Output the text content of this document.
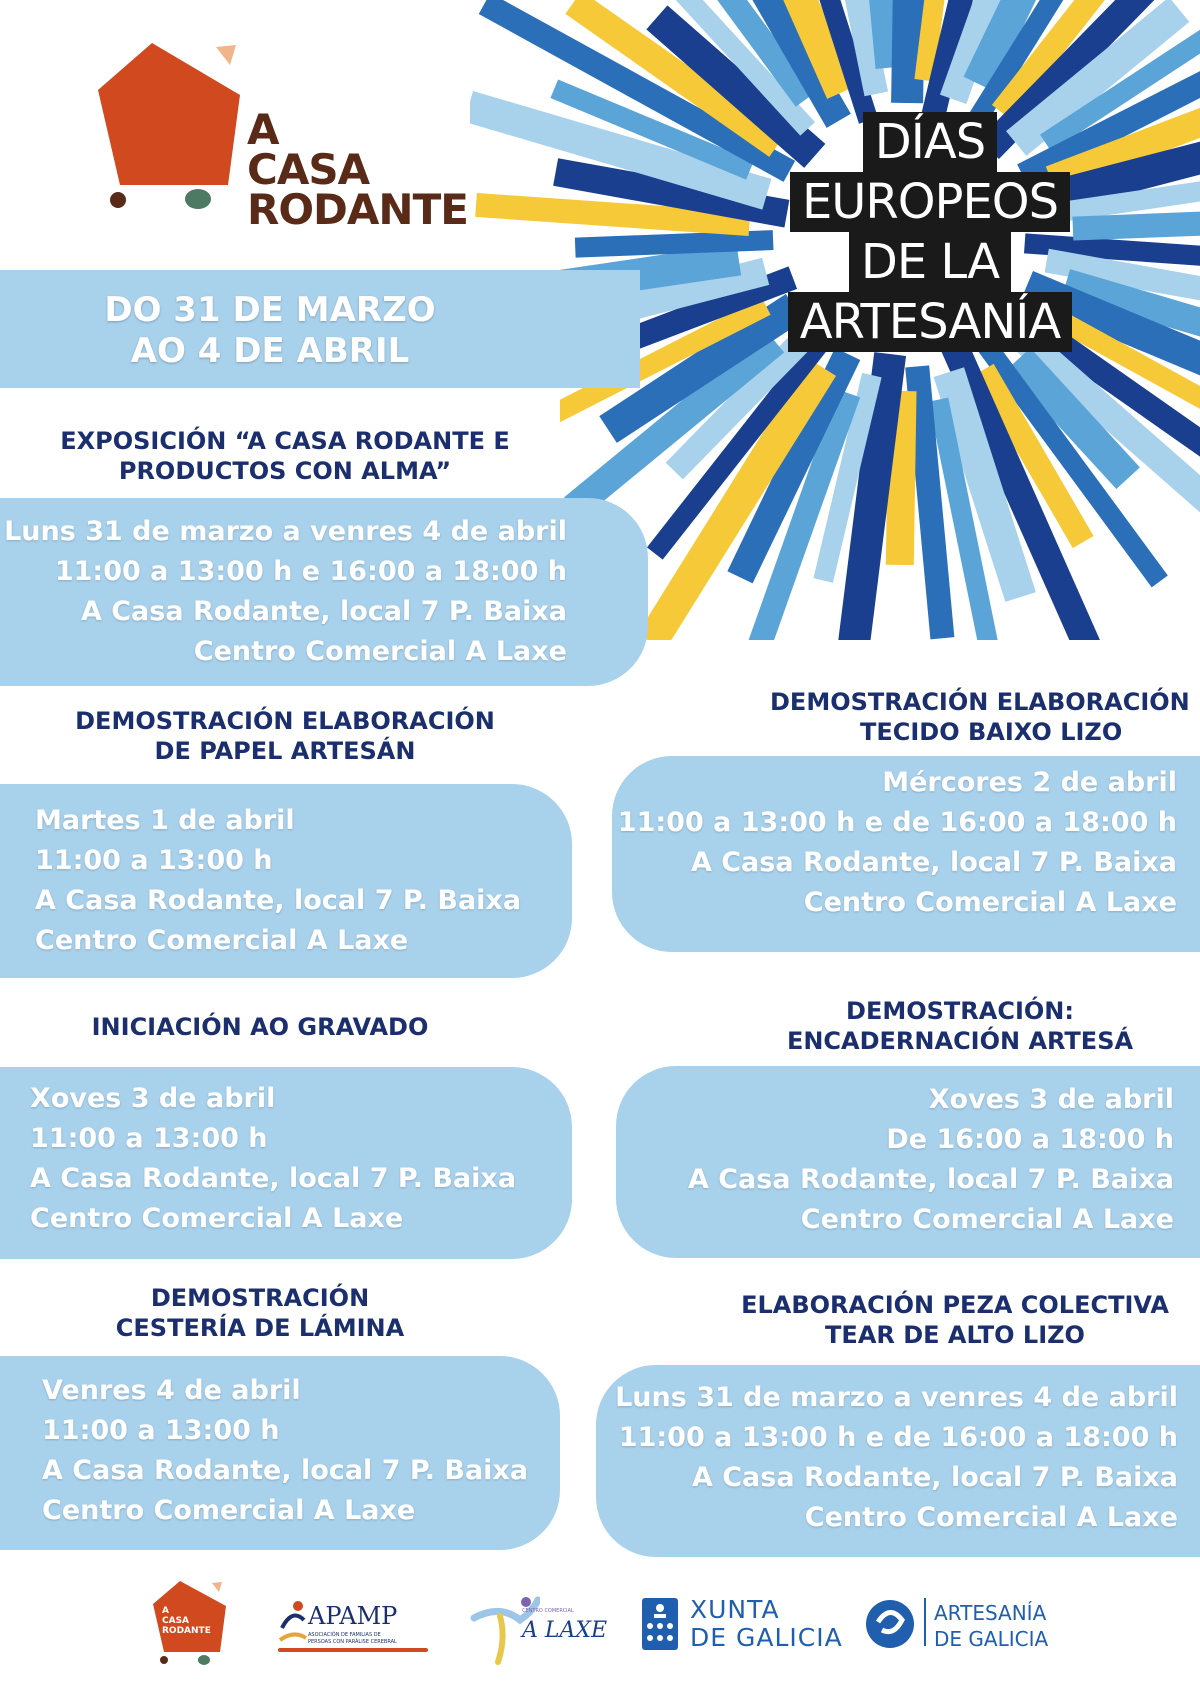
A
CASA
RODANTE
DÍAS
EUROPEOS
DE LA
ARTESANÍA
DO 31 DE MARZO
AO 4 DE ABRIL
EXPOSICIÓN “A CASA RODANTE E
PRODUCTOS CON ALMA”
Luns 31 de marzo a venres 4 de abril
11:00 a 13:00 h e 16:00 a 18:00 h
A Casa Rodante, local 7 P. Baixa
Centro Comercial A Laxe
DEMOSTRACIÓN ELABORACIÓN
DE PAPEL ARTESÁN
Martes 1 de abril
11:00 a 13:00 h
A Casa Rodante, local 7 P. Baixa
Centro Comercial A Laxe
DEMOSTRACIÓN ELABORACIÓN
TECIDO BAIXO LIZO
Mércores 2 de abril
11:00 a 13:00 h e de 16:00 a 18:00 h
A Casa Rodante, local 7 P. Baixa
Centro Comercial A Laxe
INICIACIÓN AO GRAVADO
Xoves 3 de abril
11:00 a 13:00 h
A Casa Rodante, local 7 P. Baixa
Centro Comercial A Laxe
DEMOSTRACIÓN:
ENCADERNACIÓN ARTESÁ
Xoves 3 de abril
De 16:00 a 18:00 h
A Casa Rodante, local 7 P. Baixa
Centro Comercial A Laxe
DEMOSTRACIÓN
CESTERÍA DE LÁMINA
Venres 4 de abril
11:00 a 13:00 h
A Casa Rodante, local 7 P. Baixa
Centro Comercial A Laxe
ELABORACIÓN PEZA COLECTIVA
TEAR DE ALTO LIZO
Luns 31 de marzo a venres 4 de abril
11:00 a 13:00 h e de 16:00 a 18:00 h
A Casa Rodante, local 7 P. Baixa
Centro Comercial A Laxe
A
CASA
RODANTE
APAMP
ASOCIACIÓN DE FAMILIAS DE
PERSOAS CON PARÁLISE CEREBRAL
CENTRO COMERCIAL
A LAXE
XUNTA
DE GALICIA
ARTESANÍA
DE GALICIA
